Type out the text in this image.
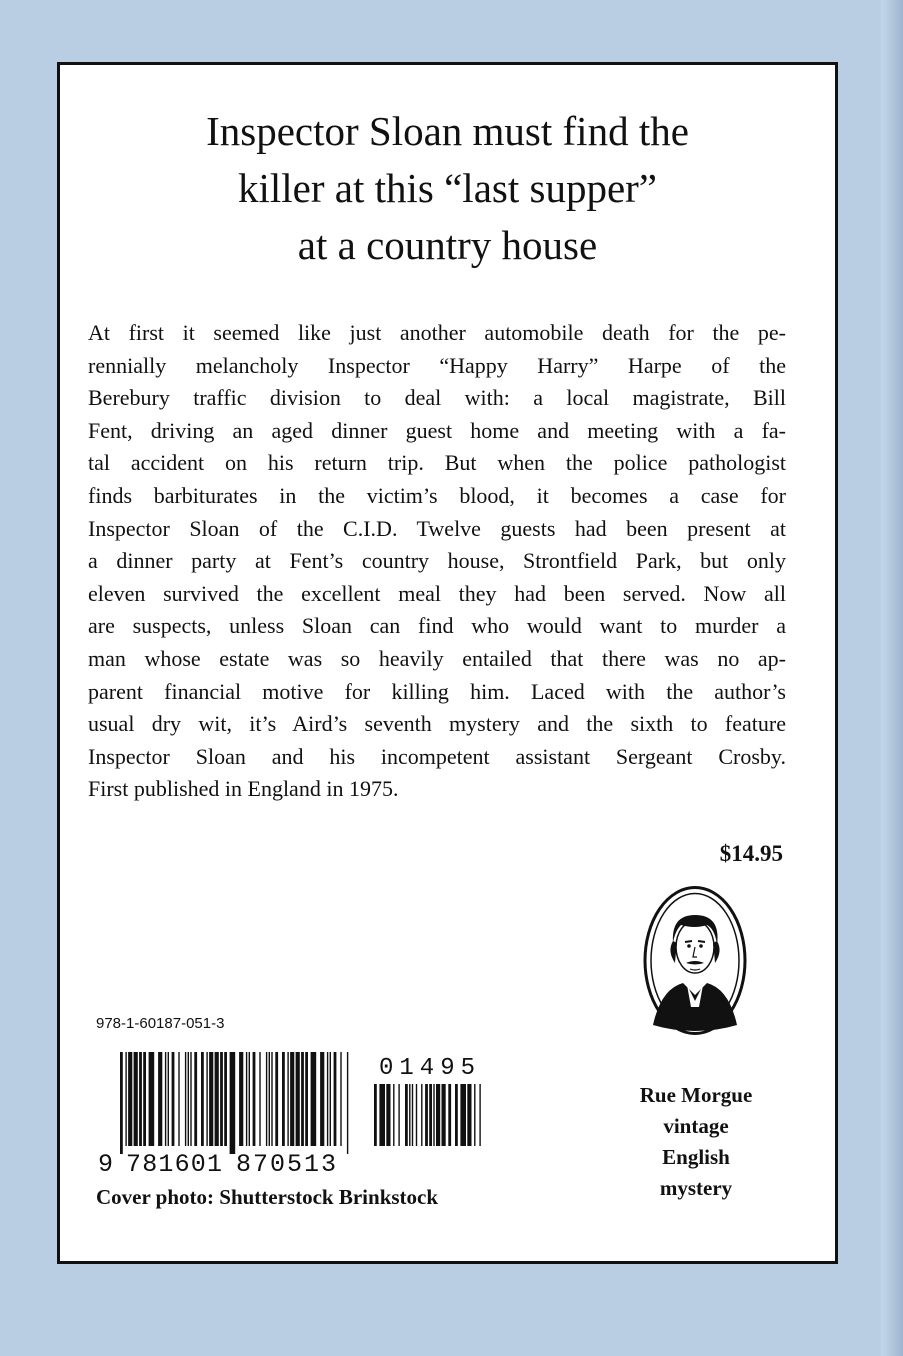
Inspector Sloan must find the
killer at this “last supper”
at a country house

At first it seemed like just another automobile death for the pe-
rennially melancholy Inspector “Happy Harry” Harpe of the
Berebury traffic division to deal with: a local magistrate, Bill
Fent, driving an aged dinner guest home and meeting with a fa-
tal accident on his return trip. But when the police pathologist
finds barbiturates in the victim’s blood, it becomes a case for
Inspector Sloan of the C.I.D. Twelve guests had been present at
a dinner party at Fent’s country house, Strontfield Park, but only
eleven survived the excellent meal they had been served. Now all
are suspects, unless Sloan can find who would want to murder a
man whose estate was so heavily entailed that there was no ap-
parent financial motive for killing him. Laced with the author’s
usual dry wit, it’s Aird’s seventh mystery and the sixth to feature
Inspector Sloan and his incompetent assistant Sergeant Crosby.
First published in England in 1975.

$14.95
Rue Morgue
vintage
English
mystery
978-1-60187-051-3
9 781601 870513
01495
Cover photo: Shutterstock Brinkstock
